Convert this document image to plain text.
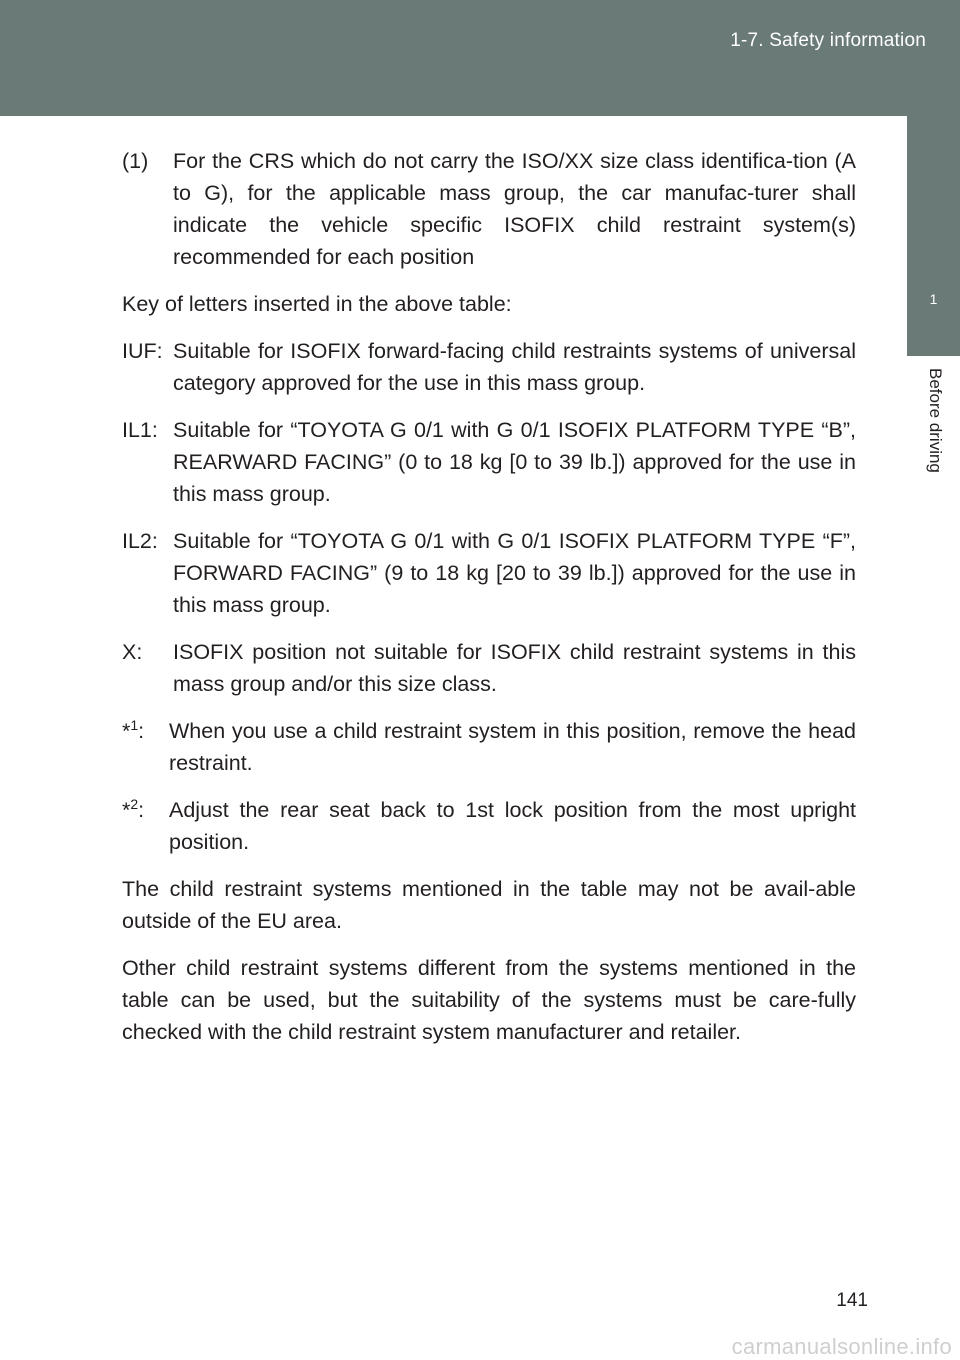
1-7. Safety information
1
Before driving
(1)	For the CRS which do not carry the ISO/XX size class identifica-tion (A to G), for the applicable mass group, the car manufac-turer shall indicate the vehicle specific ISOFIX child restraint system(s) recommended for each position
Key of letters inserted in the above table:
IUF: Suitable for ISOFIX forward-facing child restraints systems of universal category approved for the use in this mass group.
IL1: Suitable for “TOYOTA G 0/1 with G 0/1 ISOFIX PLATFORM TYPE “B”, REARWARD FACING” (0 to 18 kg [0 to 39 lb.]) approved for the use in this mass group.
IL2: Suitable for “TOYOTA G 0/1 with G 0/1 ISOFIX PLATFORM TYPE “F”, FORWARD FACING” (9 to 18 kg [20 to 39 lb.]) approved for the use in this mass group.
X:	ISOFIX position not suitable for ISOFIX child restraint systems in this mass group and/or this size class.
*$^1$:	When you use a child restraint system in this position, remove the head restraint.
*$^2$:	Adjust the rear seat back to 1st lock position from the most upright position.
The child restraint systems mentioned in the table may not be avail-able outside of the EU area.
Other child restraint systems different from the systems mentioned in the table can be used, but the suitability of the systems must be care-fully checked with the child restraint system manufacturer and retailer.
141
carmanualsonline.info
